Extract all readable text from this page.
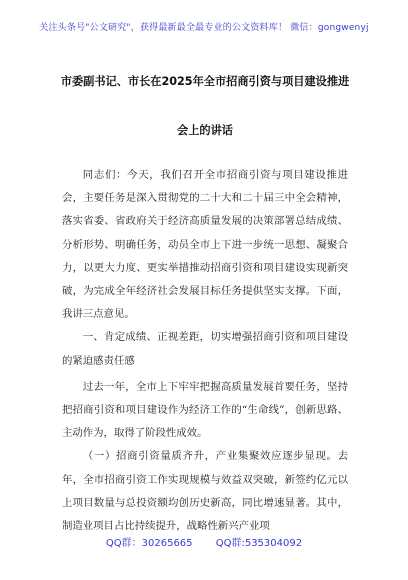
关注头条号"公文研究"，获得最新最全最专业的公文资料库！ 微信：gongwenyj
市委副书记、市长在2025年全市招商引资与项目建设推进
会上的讲话

同志们：今天，我们召开全市招商引资与项目建设推进会，主要任务是深入贯彻党的二十大和二十届三中全会精神，落实省委、省政府关于经济高质量发展的决策部署总结成绩、分析形势、明确任务，动员全市上下进一步统一思想、凝聚合力，以更大力度、更实举措推动招商引资和项目建设实现新突破，为完成全年经济社会发展目标任务提供坚实支撑。下面，我讲三点意见。

一、肯定成绩、正视差距，切实增强招商引资和项目建设的紧迫感责任感

过去一年，全市上下牢牢把握高质量发展首要任务，坚持把招商引资和项目建设作为经济工作的“生命线”，创新思路、主动作为，取得了阶段性成效。

（一）招商引资量质齐升，产业集聚效应逐步显现。去年，全市招商引资工作实现规模与效益双突破，新签约亿元以上项目数量与总投资额均创历史新高，同比增速显著。其中，制造业项目占比持续提升，战略性新兴产业项

QQ群：30265665 QQ群:535304092
